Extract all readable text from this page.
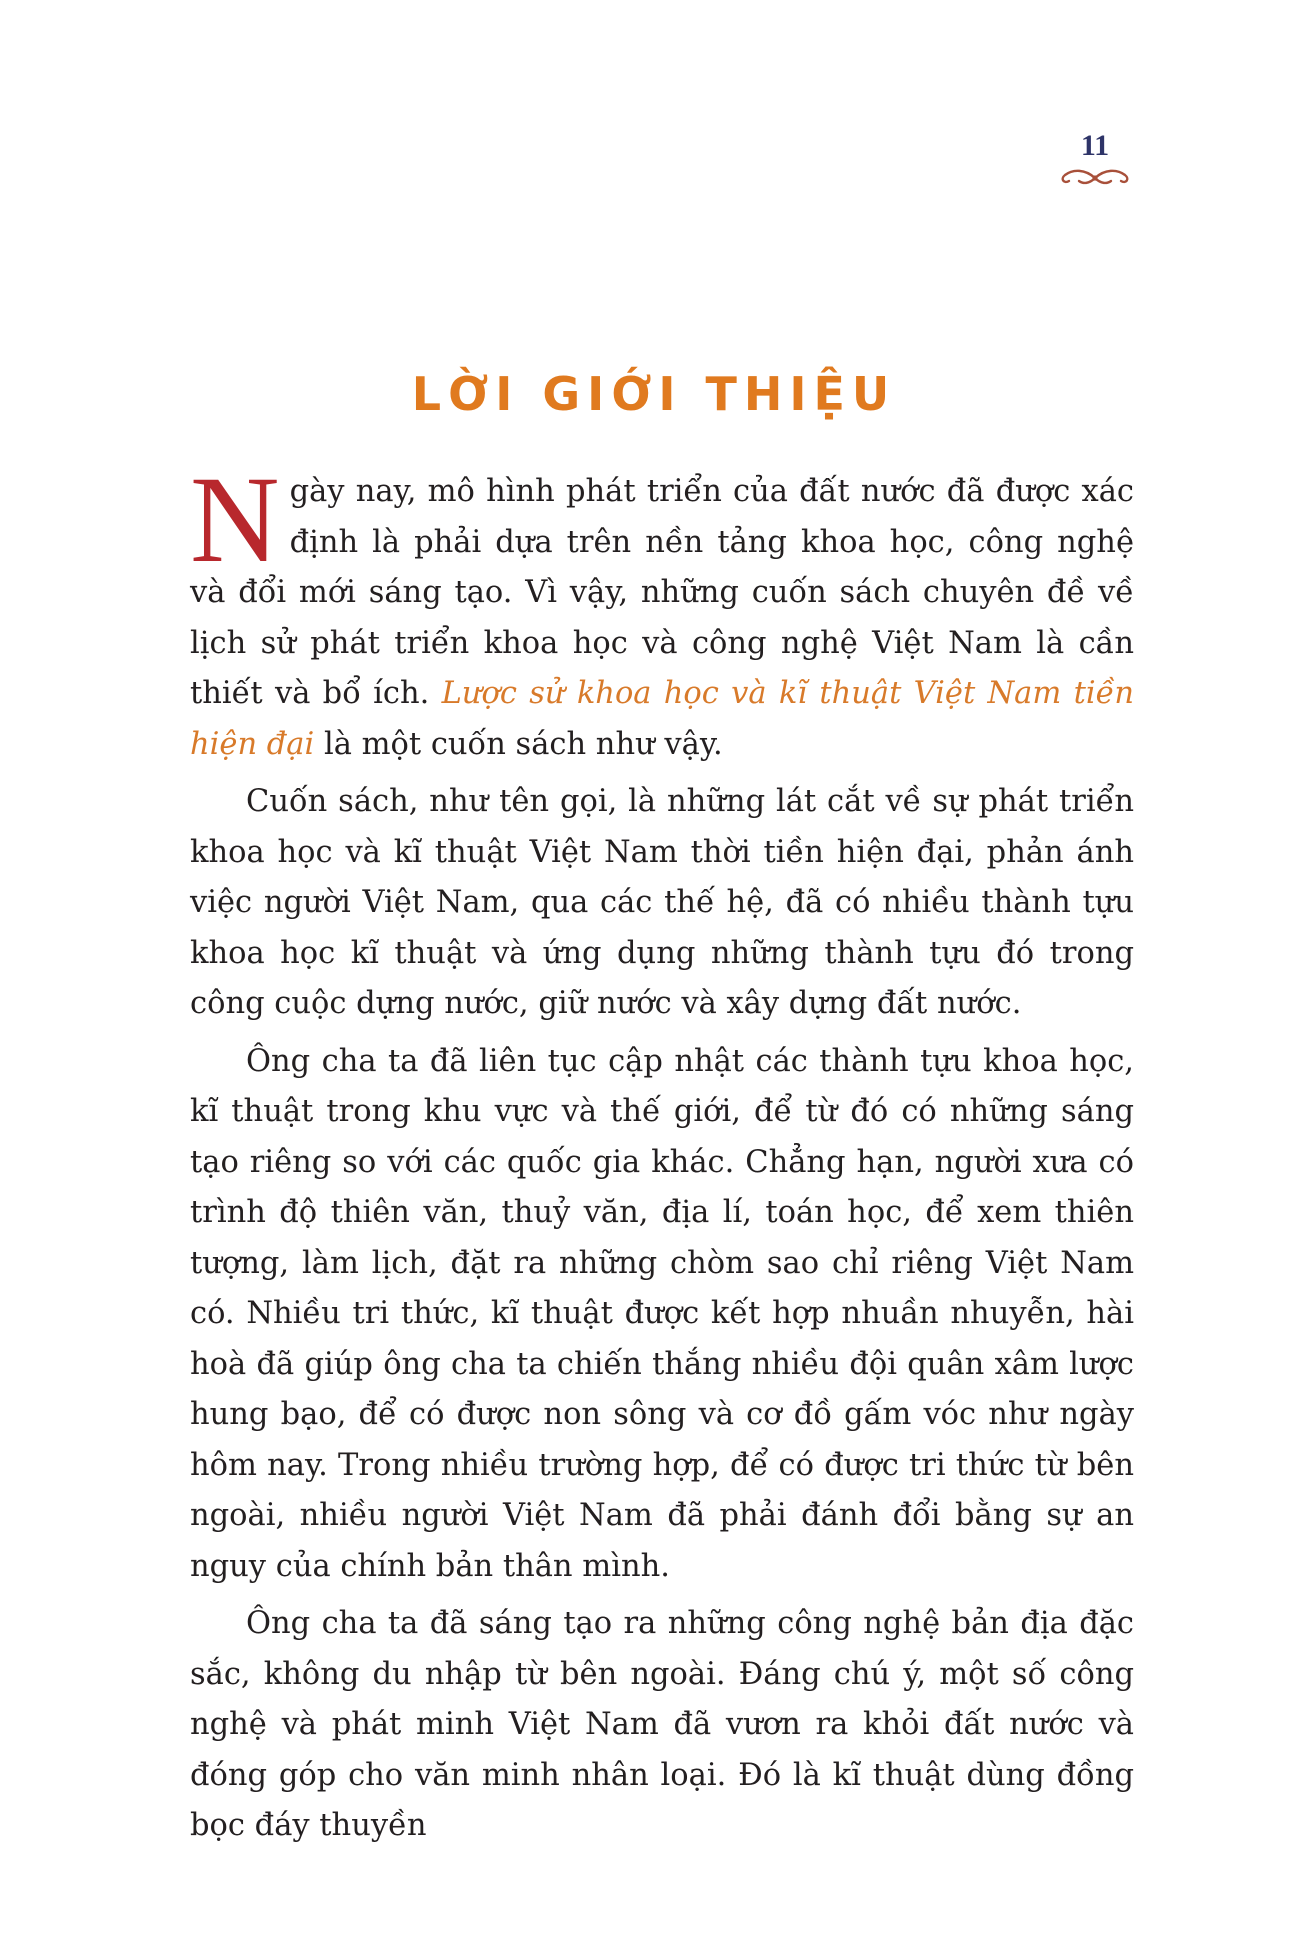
11
LỜI GIỚI THIỆU

Ngày nay, mô hình phát triển của đất nước đã được xác định là phải dựa trên nền tảng khoa học, công nghệ và đổi mới sáng tạo. Vì vậy, những cuốn sách chuyên đề về lịch sử phát triển khoa học và công nghệ Việt Nam là cần thiết và bổ ích. Lược sử khoa học và kĩ thuật Việt Nam tiền hiện đại là một cuốn sách như vậy.

Cuốn sách, như tên gọi, là những lát cắt về sự phát triển khoa học và kĩ thuật Việt Nam thời tiền hiện đại, phản ánh việc người Việt Nam, qua các thế hệ, đã có nhiều thành tựu khoa học kĩ thuật và ứng dụng những thành tựu đó trong công cuộc dựng nước, giữ nước và xây dựng đất nước.

Ông cha ta đã liên tục cập nhật các thành tựu khoa học, kĩ thuật trong khu vực và thế giới, để từ đó có những sáng tạo riêng so với các quốc gia khác. Chẳng hạn, người xưa có trình độ thiên văn, thuỷ văn, địa lí, toán học, để xem thiên tượng, làm lịch, đặt ra những chòm sao chỉ riêng Việt Nam có. Nhiều tri thức, kĩ thuật được kết hợp nhuần nhuyễn, hài hoà đã giúp ông cha ta chiến thắng nhiều đội quân xâm lược hung bạo, để có được non sông và cơ đồ gấm vóc như ngày hôm nay. Trong nhiều trường hợp, để có được tri thức từ bên ngoài, nhiều người Việt Nam đã phải đánh đổi bằng sự an nguy của chính bản thân mình.

Ông cha ta đã sáng tạo ra những công nghệ bản địa đặc sắc, không du nhập từ bên ngoài. Đáng chú ý, một số công nghệ và phát minh Việt Nam đã vươn ra khỏi đất nước và đóng góp cho văn minh nhân loại. Đó là kĩ thuật dùng đồng bọc đáy thuyền
